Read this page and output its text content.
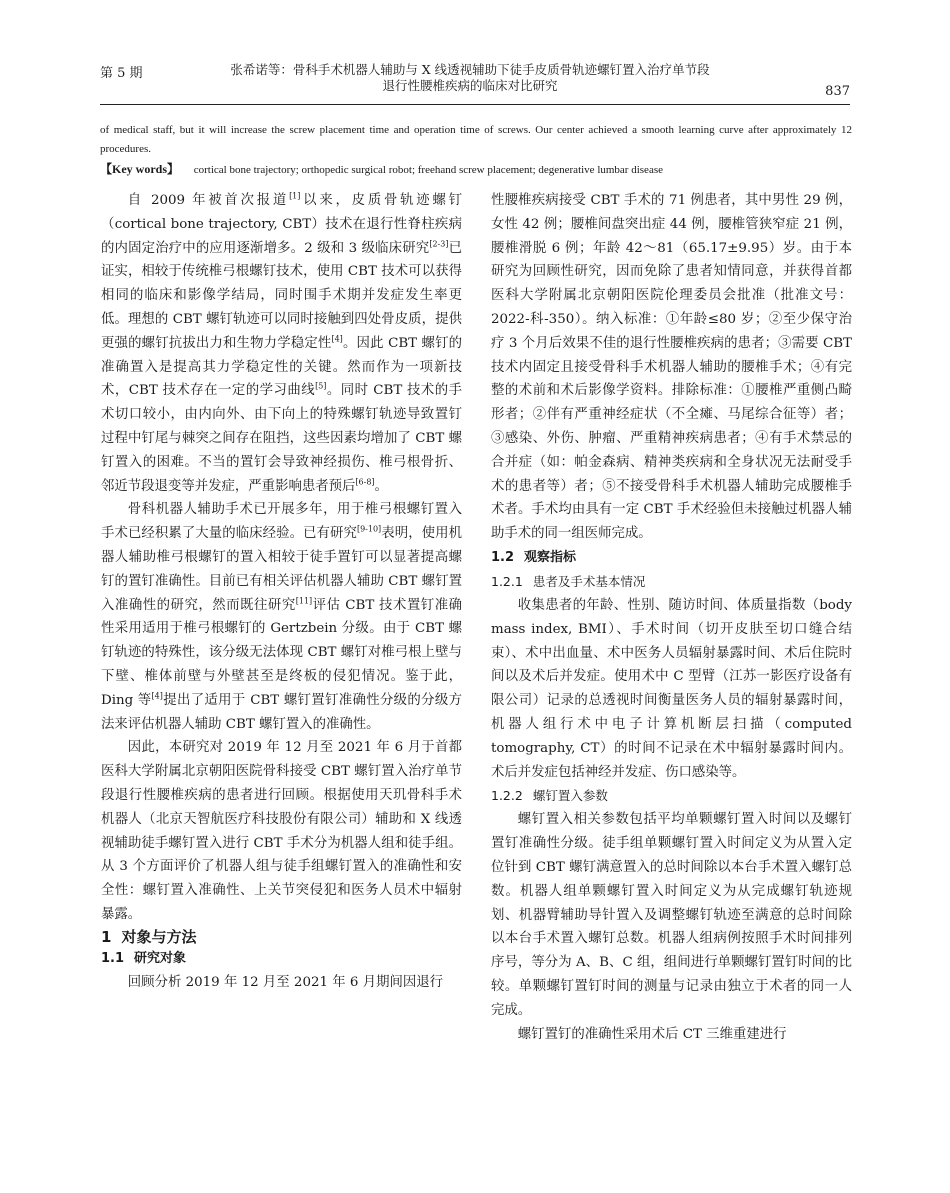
第 5 期	张希诺等：骨科手术机器人辅助与 X 线透视辅助下徒手皮质骨轨迹螺钉置入治疗单节段
退行性腰椎疾病的临床对比研究	837
of medical staff, but it will increase the screw placement time and operation time of screws. Our center achieved a smooth learning curve after approximately 12 procedures.
【Key words】 cortical bone trajectory; orthopedic surgical robot; freehand screw placement; degenerative lumbar disease

自 2009 年被首次报道[1]以来，皮质骨轨迹螺钉（cortical bone trajectory, CBT）技术在退行性脊柱疾病的内固定治疗中的应用逐渐增多。2 级和 3 级临床研究[2-3]已证实，相较于传统椎弓根螺钉技术，使用 CBT 技术可以获得相同的临床和影像学结局，同时围手术期并发症发生率更低。理想的 CBT 螺钉轨迹可以同时接触到四处骨皮质，提供更强的螺钉抗拔出力和生物力学稳定性[4]。因此 CBT 螺钉的准确置入是提高其力学稳定性的关键。然而作为一项新技术，CBT 技术存在一定的学习曲线[5]。同时 CBT 技术的手术切口较小，由内向外、由下向上的特殊螺钉轨迹导致置钉过程中钉尾与棘突之间存在阻挡，这些因素均增加了 CBT 螺钉置入的困难。不当的置钉会导致神经损伤、椎弓根骨折、邻近节段退变等并发症，严重影响患者预后[6-8]。

骨科机器人辅助手术已开展多年，用于椎弓根螺钉置入手术已经积累了大量的临床经验。已有研究[9-10]表明，使用机器人辅助椎弓根螺钉的置入相较于徒手置钉可以显著提高螺钉的置钉准确性。目前已有相关评估机器人辅助 CBT 螺钉置入准确性的研究，然而既往研究[11]评估 CBT 技术置钉准确性采用适用于椎弓根螺钉的 Gertzbein 分级。由于 CBT 螺钉轨迹的特殊性，该分级无法体现 CBT 螺钉对椎弓根上壁与下壁、椎体前壁与外壁甚至是终板的侵犯情况。鉴于此，Ding 等[4]提出了适用于 CBT 螺钉置钉准确性分级的分级方法来评估机器人辅助 CBT 螺钉置入的准确性。

因此，本研究对 2019 年 12 月至 2021 年 6 月于首都医科大学附属北京朝阳医院骨科接受 CBT 螺钉置入治疗单节段退行性腰椎疾病的患者进行回顾。根据使用天玑骨科手术机器人（北京天智航医疗科技股份有限公司）辅助和 X 线透视辅助徒手螺钉置入进行 CBT 手术分为机器人组和徒手组。从 3 个方面评价了机器人组与徒手组螺钉置入的准确性和安全性：螺钉置入准确性、上关节突侵犯和医务人员术中辐射暴露。

1 对象与方法

1.1 研究对象

回顾分析 2019 年 12 月至 2021 年 6 月期间因退行

性腰椎疾病接受 CBT 手术的 71 例患者，其中男性 29 例，女性 42 例；腰椎间盘突出症 44 例，腰椎管狭窄症 21 例，腰椎滑脱 6 例；年龄 42～81（65.17±9.95）岁。由于本研究为回顾性研究，因而免除了患者知情同意，并获得首都医科大学附属北京朝阳医院伦理委员会批准（批准文号：2022-科-350）。纳入标准：①年龄≤80 岁；②至少保守治疗 3 个月后效果不佳的退行性腰椎疾病的患者；③需要 CBT 技术内固定且接受骨科手术机器人辅助的腰椎手术；④有完整的术前和术后影像学资料。排除标准：①腰椎严重侧凸畸形者；②伴有严重神经症状（不全瘫、马尾综合征等）者；③感染、外伤、肿瘤、严重精神疾病患者；④有手术禁忌的合并症（如：帕金森病、精神类疾病和全身状况无法耐受手术的患者等）者；⑤不接受骨科手术机器人辅助完成腰椎手术者。手术均由具有一定 CBT 手术经验但未接触过机器人辅助手术的同一组医师完成。

1.2 观察指标

1.2.1 患者及手术基本情况

收集患者的年龄、性别、随访时间、体质量指数（body mass index, BMI）、手术时间（切开皮肤至切口缝合结束）、术中出血量、术中医务人员辐射暴露时间、术后住院时间以及术后并发症。使用术中 C 型臂（江苏一影医疗设备有限公司）记录的总透视时间衡量医务人员的辐射暴露时间，机器人组行术中电子计算机断层扫描（computed tomography, CT）的时间不记录在术中辐射暴露时间内。术后并发症包括神经并发症、伤口感染等。

1.2.2 螺钉置入参数

螺钉置入相关参数包括平均单颗螺钉置入时间以及螺钉置钉准确性分级。徒手组单颗螺钉置入时间定义为从置入定位针到 CBT 螺钉满意置入的总时间除以本台手术置入螺钉总数。机器人组单颗螺钉置入时间定义为从完成螺钉轨迹规划、机器臂辅助导针置入及调整螺钉轨迹至满意的总时间除以本台手术置入螺钉总数。机器人组病例按照手术时间排列序号，等分为 A、B、C 组，组间进行单颗螺钉置钉时间的比较。单颗螺钉置钉时间的测量与记录由独立于术者的同一人完成。

螺钉置钉的准确性采用术后 CT 三维重建进行
